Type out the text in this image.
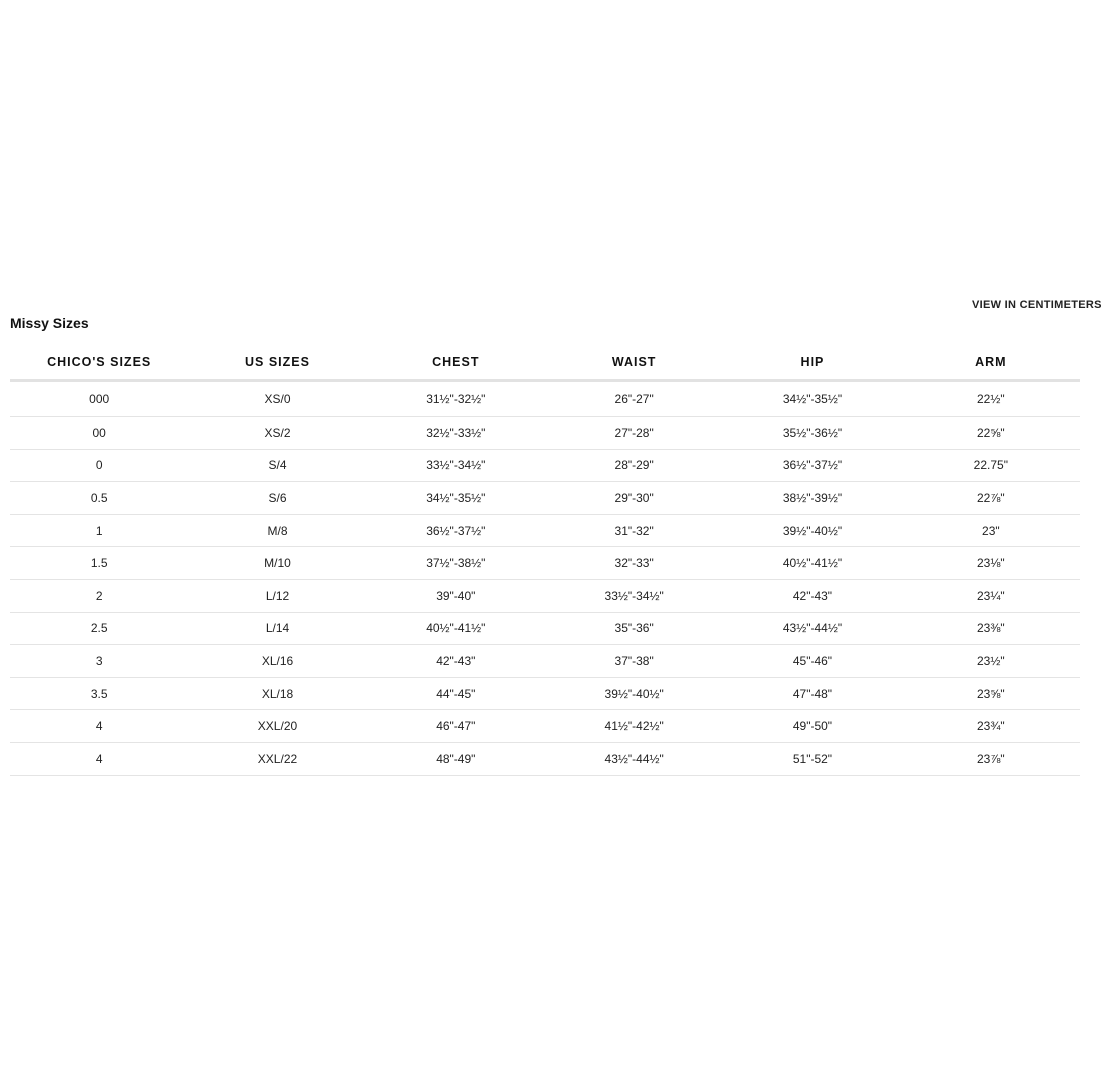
VIEW IN CENTIMETERS
Missy Sizes
CHICO'S SIZES	US SIZES	CHEST	WAIST	HIP	ARM
000	XS/0	31½"-32½"	26"-27"	34½"-35½"	22½"
00	XS/2	32½"-33½"	27"-28"	35½"-36½"	22⅝"
0	S/4	33½"-34½"	28"-29"	36½"-37½"	22.75"
0.5	S/6	34½"-35½"	29"-30"	38½"-39½"	22⅞"
1	M/8	36½"-37½"	31"-32"	39½"-40½"	23"
1.5	M/10	37½"-38½"	32"-33"	40½"-41½"	23⅛"
2	L/12	39"-40"	33½"-34½"	42"-43"	23¼"
2.5	L/14	40½"-41½"	35"-36"	43½"-44½"	23⅜"
3	XL/16	42"-43"	37"-38"	45"-46"	23½"
3.5	XL/18	44"-45"	39½"-40½"	47"-48"	23⅝"
4	XXL/20	46"-47"	41½"-42½"	49"-50"	23¾"
4	XXL/22	48"-49"	43½"-44½"	51"-52"	23⅞"
